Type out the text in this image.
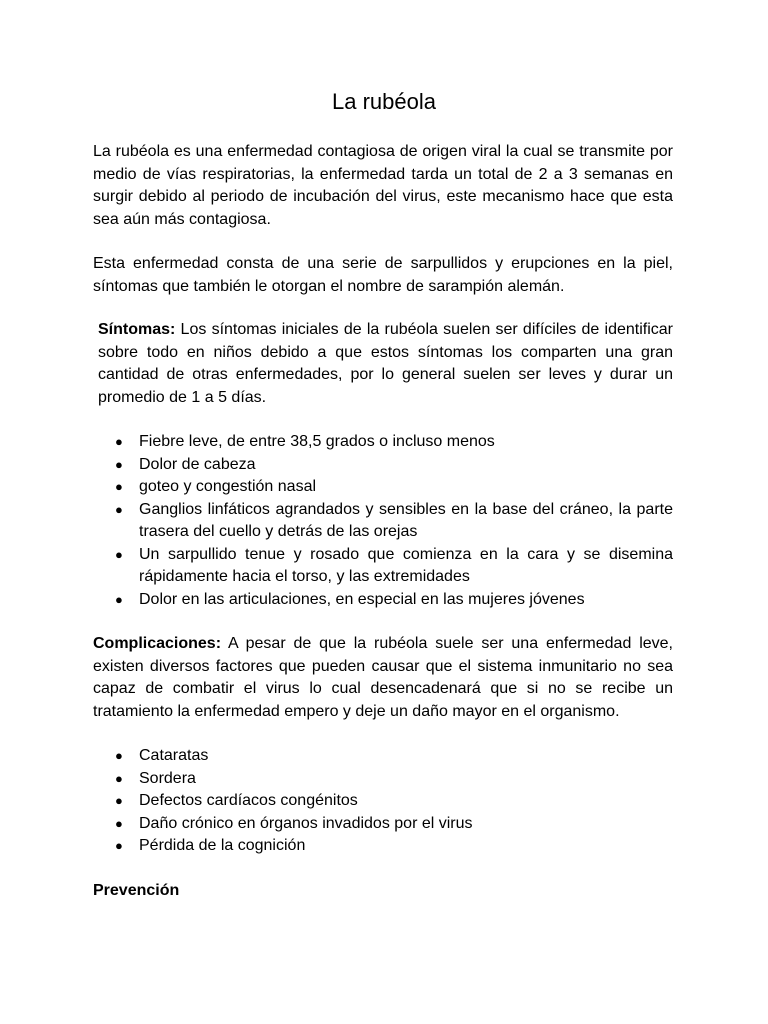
La rubéola

La rubéola es una enfermedad contagiosa de origen viral la cual se transmite por medio de vías respiratorias, la enfermedad tarda un total de 2 a 3 semanas en surgir debido al periodo de incubación del virus, este mecanismo hace que esta sea aún más contagiosa.

Esta enfermedad consta de una serie de sarpullidos y erupciones en la piel, síntomas que también le otorgan el nombre de sarampión alemán.

Síntomas: Los síntomas iniciales de la rubéola suelen ser difíciles de identificar sobre todo en niños debido a que estos síntomas los comparten una gran cantidad de otras enfermedades, por lo general suelen ser leves y durar un promedio de 1 a 5 días.

● Fiebre leve, de entre 38,5 grados o incluso menos
● Dolor de cabeza
● goteo y congestión nasal
● Ganglios linfáticos agrandados y sensibles en la base del cráneo, la parte trasera del cuello y detrás de las orejas
● Un sarpullido tenue y rosado que comienza en la cara y se disemina rápidamente hacia el torso, y las extremidades
● Dolor en las articulaciones, en especial en las mujeres jóvenes

Complicaciones: A pesar de que la rubéola suele ser una enfermedad leve, existen diversos factores que pueden causar que el sistema inmunitario no sea capaz de combatir el virus lo cual desencadenará que si no se recibe un tratamiento la enfermedad empero y deje un daño mayor en el organismo.

● Cataratas
● Sordera
● Defectos cardíacos congénitos
● Daño crónico en órganos invadidos por el virus
● Pérdida de la cognición

Prevención
